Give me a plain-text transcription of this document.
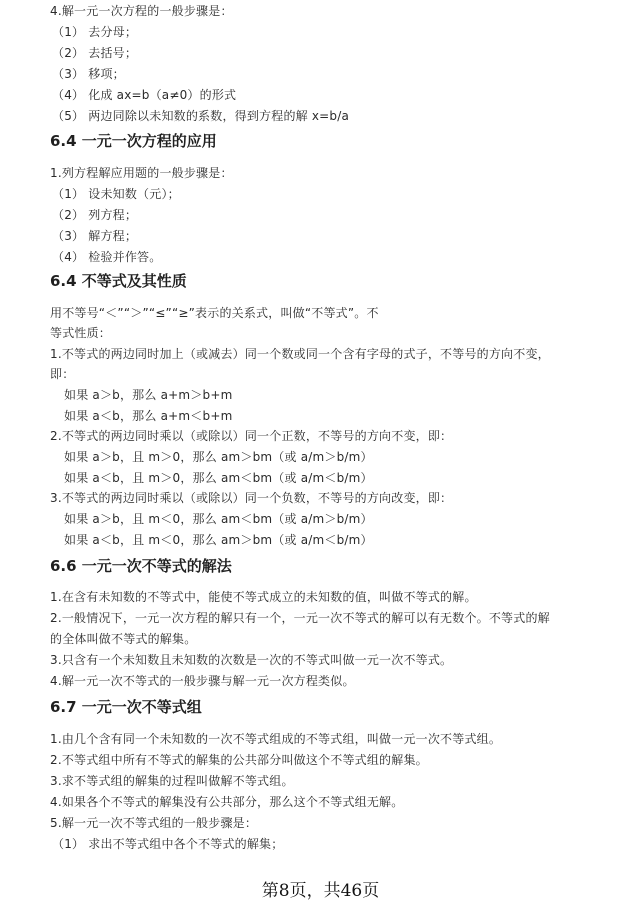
4.解一元一次方程的一般步骤是：
（1） 去分母；
（2） 去括号；
（3） 移项；
（4） 化成 ax=b（a≠0）的形式
（5） 两边同除以未知数的系数，得到方程的解 x=b/a
6.4 一元一次方程的应用
1.列方程解应用题的一般步骤是：
（1） 设未知数（元）；
（2） 列方程；
（3） 解方程；
（4） 检验并作答。
6.4 不等式及其性质
用不等号“＜”“＞”“≤”“≥”表示的关系式，叫做“不等式”。不
等式性质：
1.不等式的两边同时加上（或减去）同一个数或同一个含有字母的式子，不等号的方向不变，
即：
如果 a＞b，那么 a+m＞b+m
如果 a＜b，那么 a+m＜b+m
2.不等式的两边同时乘以（或除以）同一个正数，不等号的方向不变，即：
如果 a＞b，且 m＞0，那么 am＞bm（或 a/m＞b/m）
如果 a＜b，且 m＞0，那么 am＜bm（或 a/m＜b/m）
3.不等式的两边同时乘以（或除以）同一个负数，不等号的方向改变，即：
如果 a＞b，且 m＜0，那么 am＜bm（或 a/m＞b/m）
如果 a＜b，且 m＜0，那么 am＞bm（或 a/m＜b/m）
6.6 一元一次不等式的解法
1.在含有未知数的不等式中，能使不等式成立的未知数的值，叫做不等式的解。
2.一般情况下，一元一次方程的解只有一个，一元一次不等式的解可以有无数个。不等式的解
的全体叫做不等式的解集。
3.只含有一个未知数且未知数的次数是一次的不等式叫做一元一次不等式。
4.解一元一次不等式的一般步骤与解一元一次方程类似。
6.7 一元一次不等式组
1.由几个含有同一个未知数的一次不等式组成的不等式组，叫做一元一次不等式组。
2.不等式组中所有不等式的解集的公共部分叫做这个不等式组的解集。
3.求不等式组的解集的过程叫做解不等式组。
4.如果各个不等式的解集没有公共部分，那么这个不等式组无解。
5.解一元一次不等式组的一般步骤是：
（1） 求出不等式组中各个不等式的解集；
第8页，共46页
